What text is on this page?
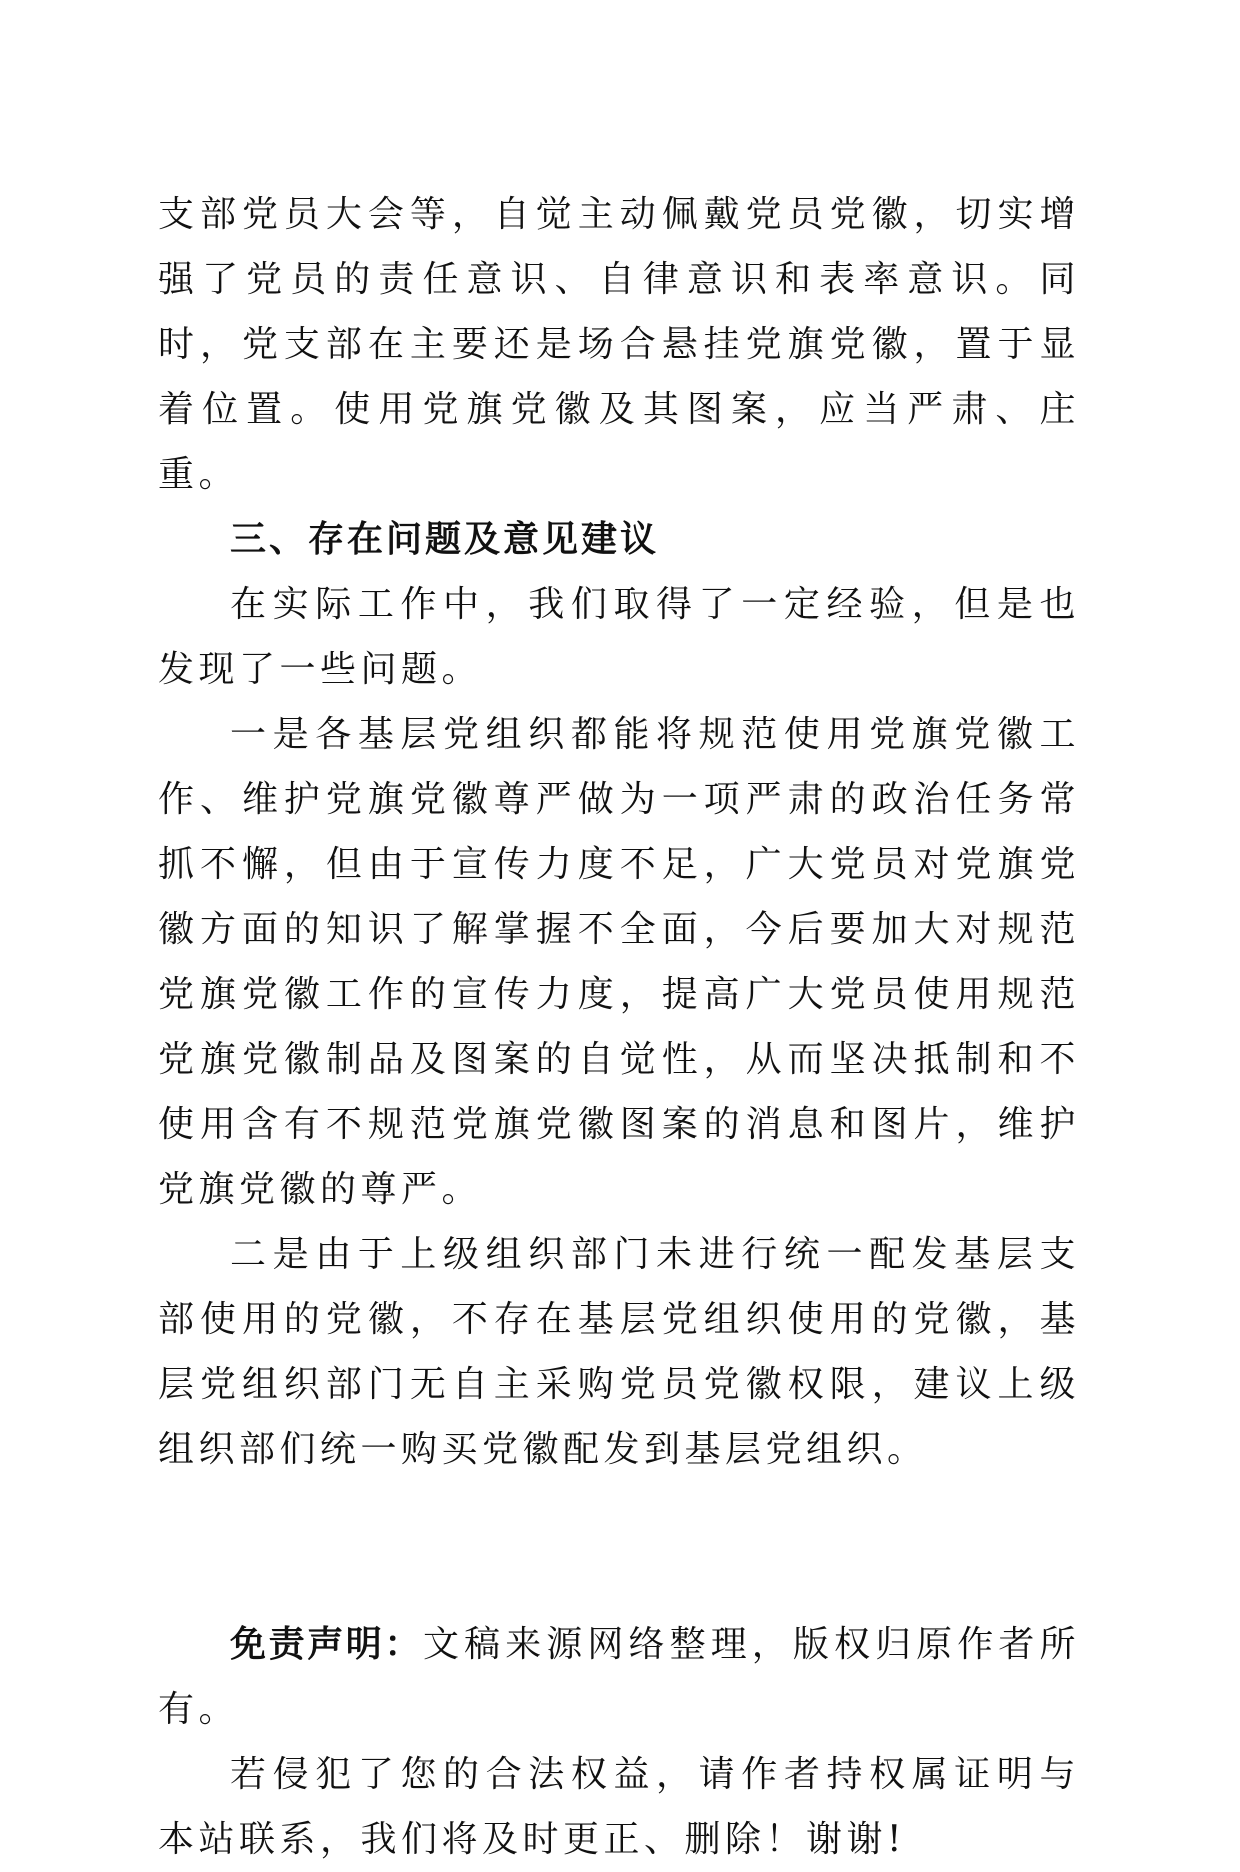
支部党员大会等，自觉主动佩戴党员党徽，切实增强了党员的责任意识、自律意识和表率意识。同时，党支部在主要还是场合悬挂党旗党徽，置于显着位置。使用党旗党徽及其图案，应当严肃、庄重。

三、存在问题及意见建议

在实际工作中，我们取得了一定经验，但是也发现了一些问题。

一是各基层党组织都能将规范使用党旗党徽工作、维护党旗党徽尊严做为一项严肃的政治任务常抓不懈，但由于宣传力度不足，广大党员对党旗党徽方面的知识了解掌握不全面，今后要加大对规范党旗党徽工作的宣传力度，提高广大党员使用规范党旗党徽制品及图案的自觉性，从而坚决抵制和不使用含有不规范党旗党徽图案的消息和图片，维护党旗党徽的尊严。

二是由于上级组织部门未进行统一配发基层支部使用的党徽，不存在基层党组织使用的党徽，基层党组织部门无自主采购党员党徽权限，建议上级组织部们统一购买党徽配发到基层党组织。

免责声明：文稿来源网络整理，版权归原作者所有。

若侵犯了您的合法权益，请作者持权属证明与本站联系，我们将及时更正、删除！谢谢!
